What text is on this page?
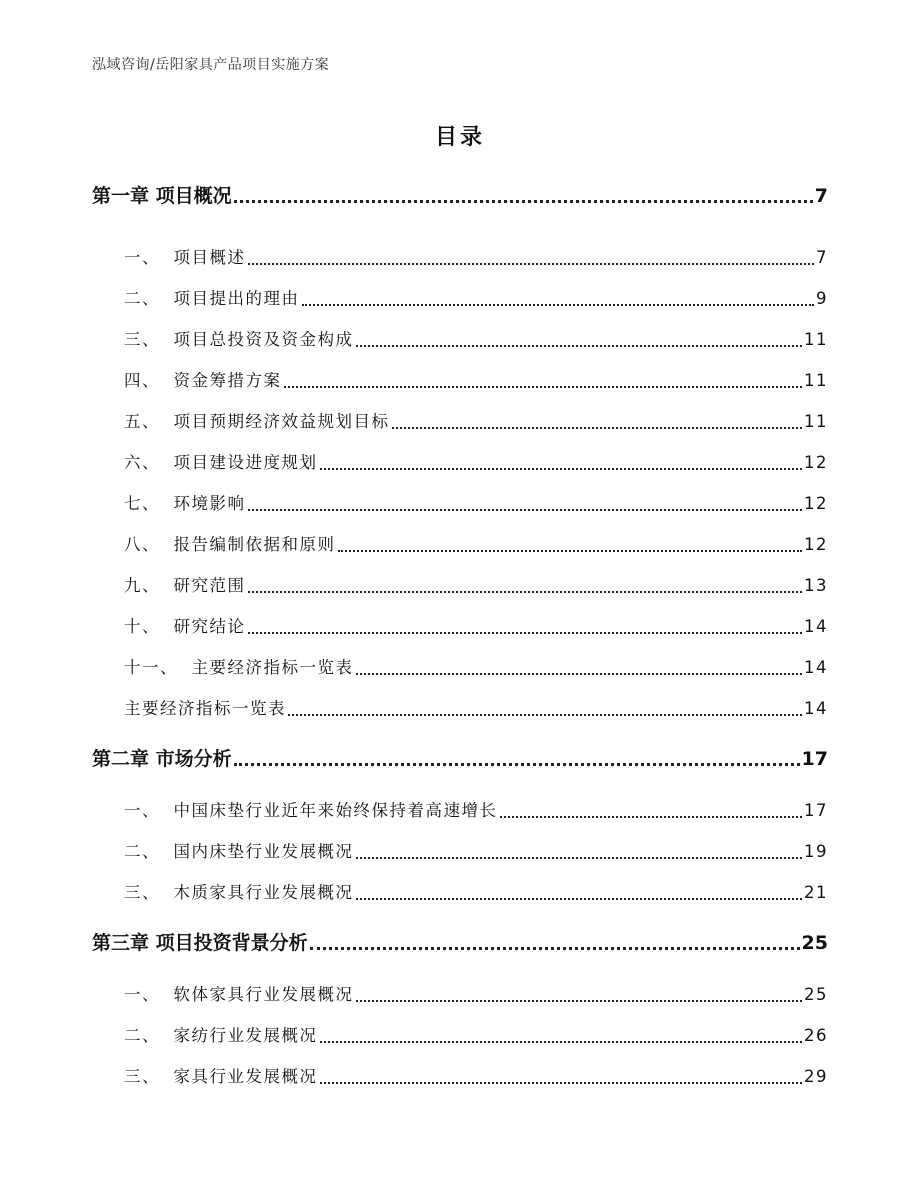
泓域咨询/岳阳家具产品项目实施方案
目录
第一章 项目概况	7
一、  项目概述	7
二、  项目提出的理由	9
三、  项目总投资及资金构成	11
四、  资金筹措方案	11
五、  项目预期经济效益规划目标	11
六、  项目建设进度规划	12
七、  环境影响	12
八、  报告编制依据和原则	12
九、  研究范围	13
十、  研究结论	14
十一、  主要经济指标一览表	14
主要经济指标一览表	14
第二章 市场分析	17
一、  中国床垫行业近年来始终保持着高速增长	17
二、  国内床垫行业发展概况	19
三、  木质家具行业发展概况	21
第三章 项目投资背景分析	25
一、  软体家具行业发展概况	25
二、  家纺行业发展概况	26
三、  家具行业发展概况	29
